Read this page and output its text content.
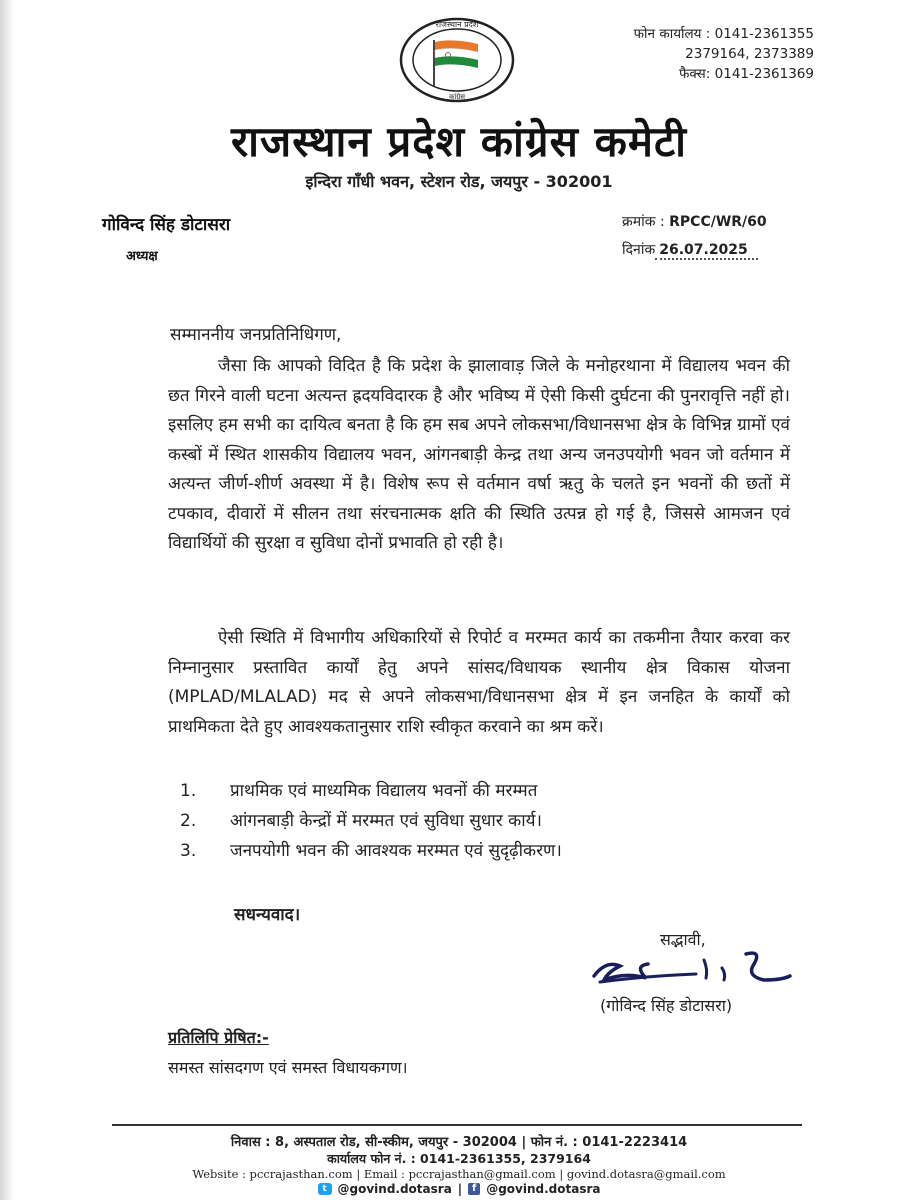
राजस्थान प्रदेश
कांग्रेस
फोन कार्यालय : 0141-2361355
2379164, 2373389
फैक्स: 0141-2361369
राजस्थान प्रदेश कांग्रेस कमेटी
इन्दिरा गाँधी भवन, स्टेशन रोड, जयपुर - 302001
गोविन्द सिंह डोटासरा
अध्यक्ष
क्रमांक : RPCC/WR/60
दिनांक 26.07.2025
सम्माननीय जनप्रतिनिधिगण,

जैसा कि आपको विदित है कि प्रदेश के झालावाड़ जिले के मनोहरथाना में विद्यालय भवन की छत गिरने वाली घटना अत्यन्त ह्रदयविदारक है और भविष्य में ऐसी किसी दुर्घटना की पुनरावृत्ति नहीं हो। इसलिए हम सभी का दायित्व बनता है कि हम सब अपने लोकसभा/विधानसभा क्षेत्र के विभिन्न ग्रामों एवं कस्बों में स्थित शासकीय विद्यालय भवन, आंगनबाड़ी केन्द्र तथा अन्य जनउपयोगी भवन जो वर्तमान में अत्यन्त जीर्ण-शीर्ण अवस्था में है। विशेष रूप से वर्तमान वर्षा ऋतु के चलते इन भवनों की छतों में टपकाव, दीवारों में सीलन तथा संरचनात्मक क्षति की स्थिति उत्पन्न हो गई है, जिससे आमजन एवं विद्यार्थियों की सुरक्षा व सुविधा दोनों प्रभावति हो रही है।

ऐसी स्थिति में विभागीय अधिकारियों से रिपोर्ट व मरम्मत कार्य का तकमीना तैयार करवा कर निम्नानुसार प्रस्तावित कार्यों हेतु अपने सांसद/विधायक स्थानीय क्षेत्र विकास योजना (MPLAD/MLALAD) मद से अपने लोकसभा/विधानसभा क्षेत्र में इन जनहित के कार्यों को प्राथमिकता देते हुए आवश्यकतानुसार राशि स्वीकृत करवाने का श्रम करें।

1.	प्राथमिक एवं माध्यमिक विद्यालय भवनों की मरम्मत
2.	आंगनबाड़ी केन्द्रों में मरम्मत एवं सुविधा सुधार कार्य।
3.	जनपयोगी भवन की आवश्यक मरम्मत एवं सुदृढ़ीकरण।
सधन्यवाद।
सद्भावी,
(गोविन्द सिंह डोटासरा)
प्रतिलिपि प्रेषित:-
समस्त सांसदगण एवं समस्त विधायकगण।
निवास : 8, अस्पताल रोड, सी-स्कीम, जयपुर - 302004 | फोन नं. : 0141-2223414
कार्यालय फोन नं. : 0141-2361355, 2379164
Website : pccrajasthan.com | Email : pccrajasthan@gmail.com | govind.dotasra@gmail.com
t @govind.dotasra | f @govind.dotasra
